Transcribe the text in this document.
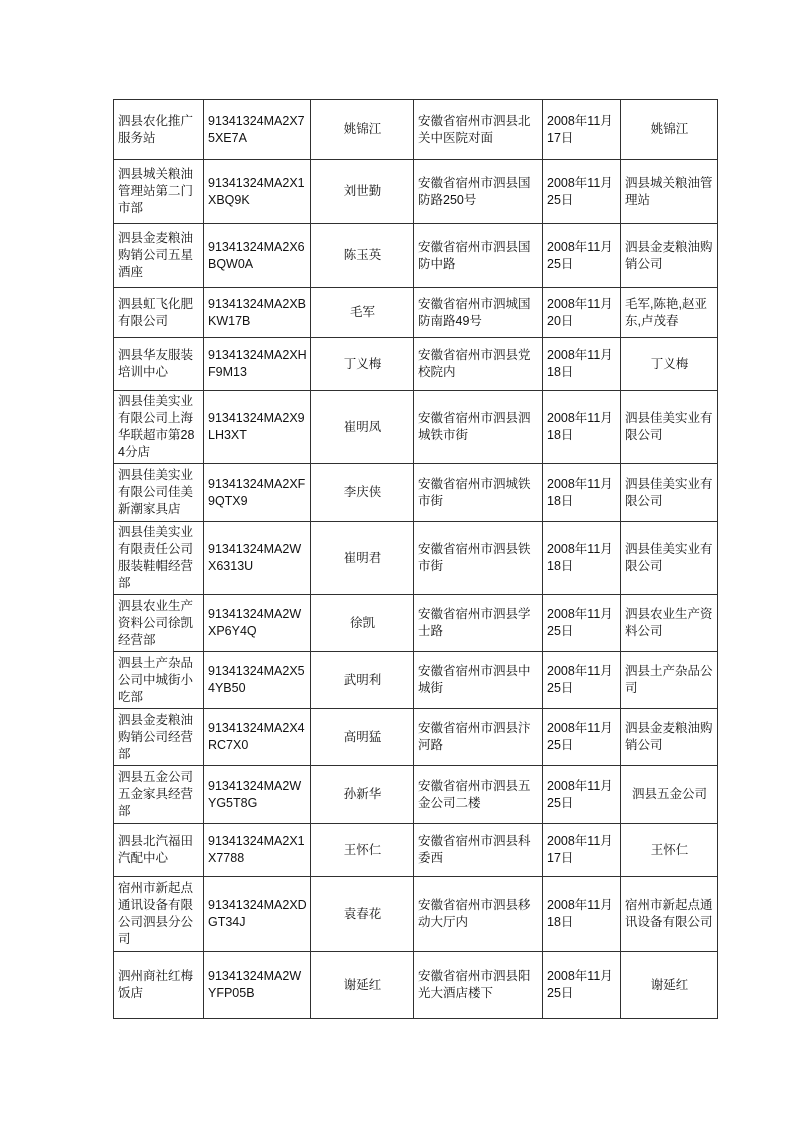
泗县农化推广服务站	91341324MA2X75XE7A	姚锦江	安徽省宿州市泗县北关中医院对面	2008年11月17日	姚锦江
泗县城关粮油管理站第二门市部	91341324MA2X1XBQ9K	刘世勤	安徽省宿州市泗县国防路250号	2008年11月25日	泗县城关粮油管理站
泗县金麦粮油购销公司五星酒座	91341324MA2X6BQW0A	陈玉英	安徽省宿州市泗县国防中路	2008年11月25日	泗县金麦粮油购销公司
泗县虹飞化肥有限公司	91341324MA2XBKW17B	毛军	安徽省宿州市泗城国防南路49号	2008年11月20日	毛军,陈艳,赵亚东,卢茂春
泗县华友服装培训中心	91341324MA2XHF9M13	丁义梅	安徽省宿州市泗县党校院内	2008年11月18日	丁义梅
泗县佳美实业有限公司上海华联超市第284分店	91341324MA2X9LH3XT	崔明凤	安徽省宿州市泗县泗城铁市街	2008年11月18日	泗县佳美实业有限公司
泗县佳美实业有限公司佳美新潮家具店	91341324MA2XF9QTX9	李庆侠	安徽省宿州市泗城铁市街	2008年11月18日	泗县佳美实业有限公司
泗县佳美实业有限责任公司服装鞋帽经营部	91341324MA2WX6313U	崔明君	安徽省宿州市泗县铁市街	2008年11月18日	泗县佳美实业有限公司
泗县农业生产资料公司徐凯经营部	91341324MA2WXP6Y4Q	徐凯	安徽省宿州市泗县学士路	2008年11月25日	泗县农业生产资料公司
泗县土产杂品公司中城街小吃部	91341324MA2X54YB50	武明利	安徽省宿州市泗县中城街	2008年11月25日	泗县土产杂品公司
泗县金麦粮油购销公司经营部	91341324MA2X4RC7X0	高明猛	安徽省宿州市泗县汴河路	2008年11月25日	泗县金麦粮油购销公司
泗县五金公司五金家具经营部	91341324MA2WYG5T8G	孙新华	安徽省宿州市泗县五金公司二楼	2008年11月25日	泗县五金公司
泗县北汽福田汽配中心	91341324MA2X1X7788	王怀仁	安徽省宿州市泗县科委西	2008年11月17日	王怀仁
宿州市新起点通讯设备有限公司泗县分公司	91341324MA2XDGT34J	袁春花	安徽省宿州市泗县移动大厅内	2008年11月18日	宿州市新起点通讯设备有限公司
泗州商社红梅饭店	91341324MA2WYFP05B	谢延红	安徽省宿州市泗县阳光大酒店楼下	2008年11月25日	谢延红
